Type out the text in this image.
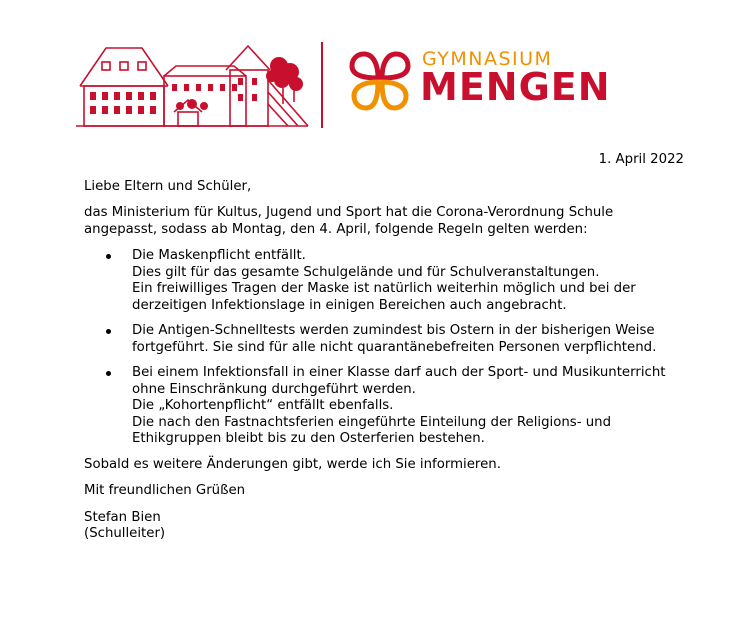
GYMNASIUM
MENGEN

1. April 2022

Liebe Eltern und Schüler,

das Ministerium für Kultus, Jugend und Sport hat die Corona-Verordnung Schule
angepasst, sodass ab Montag, den 4. April, folgende Regeln gelten werden:

Die Maskenpflicht entfällt.
Dies gilt für das gesamte Schulgelände und für Schulveranstaltungen.
Ein freiwilliges Tragen der Maske ist natürlich weiterhin möglich und bei der
derzeitigen Infektionslage in einigen Bereichen auch angebracht.
Die Antigen-Schnelltests werden zumindest bis Ostern in der bisherigen Weise
fortgeführt. Sie sind für alle nicht quarantänebefreiten Personen verpflichtend.
Bei einem Infektionsfall in einer Klasse darf auch der Sport- und Musikunterricht
ohne Einschränkung durchgeführt werden.
Die „Kohortenpflicht“ entfällt ebenfalls.
Die nach den Fastnachtsferien eingeführte Einteilung der Religions- und
Ethikgruppen bleibt bis zu den Osterferien bestehen.

Sobald es weitere Änderungen gibt, werde ich Sie informieren.

Mit freundlichen Grüßen

Stefan Bien
(Schulleiter)
